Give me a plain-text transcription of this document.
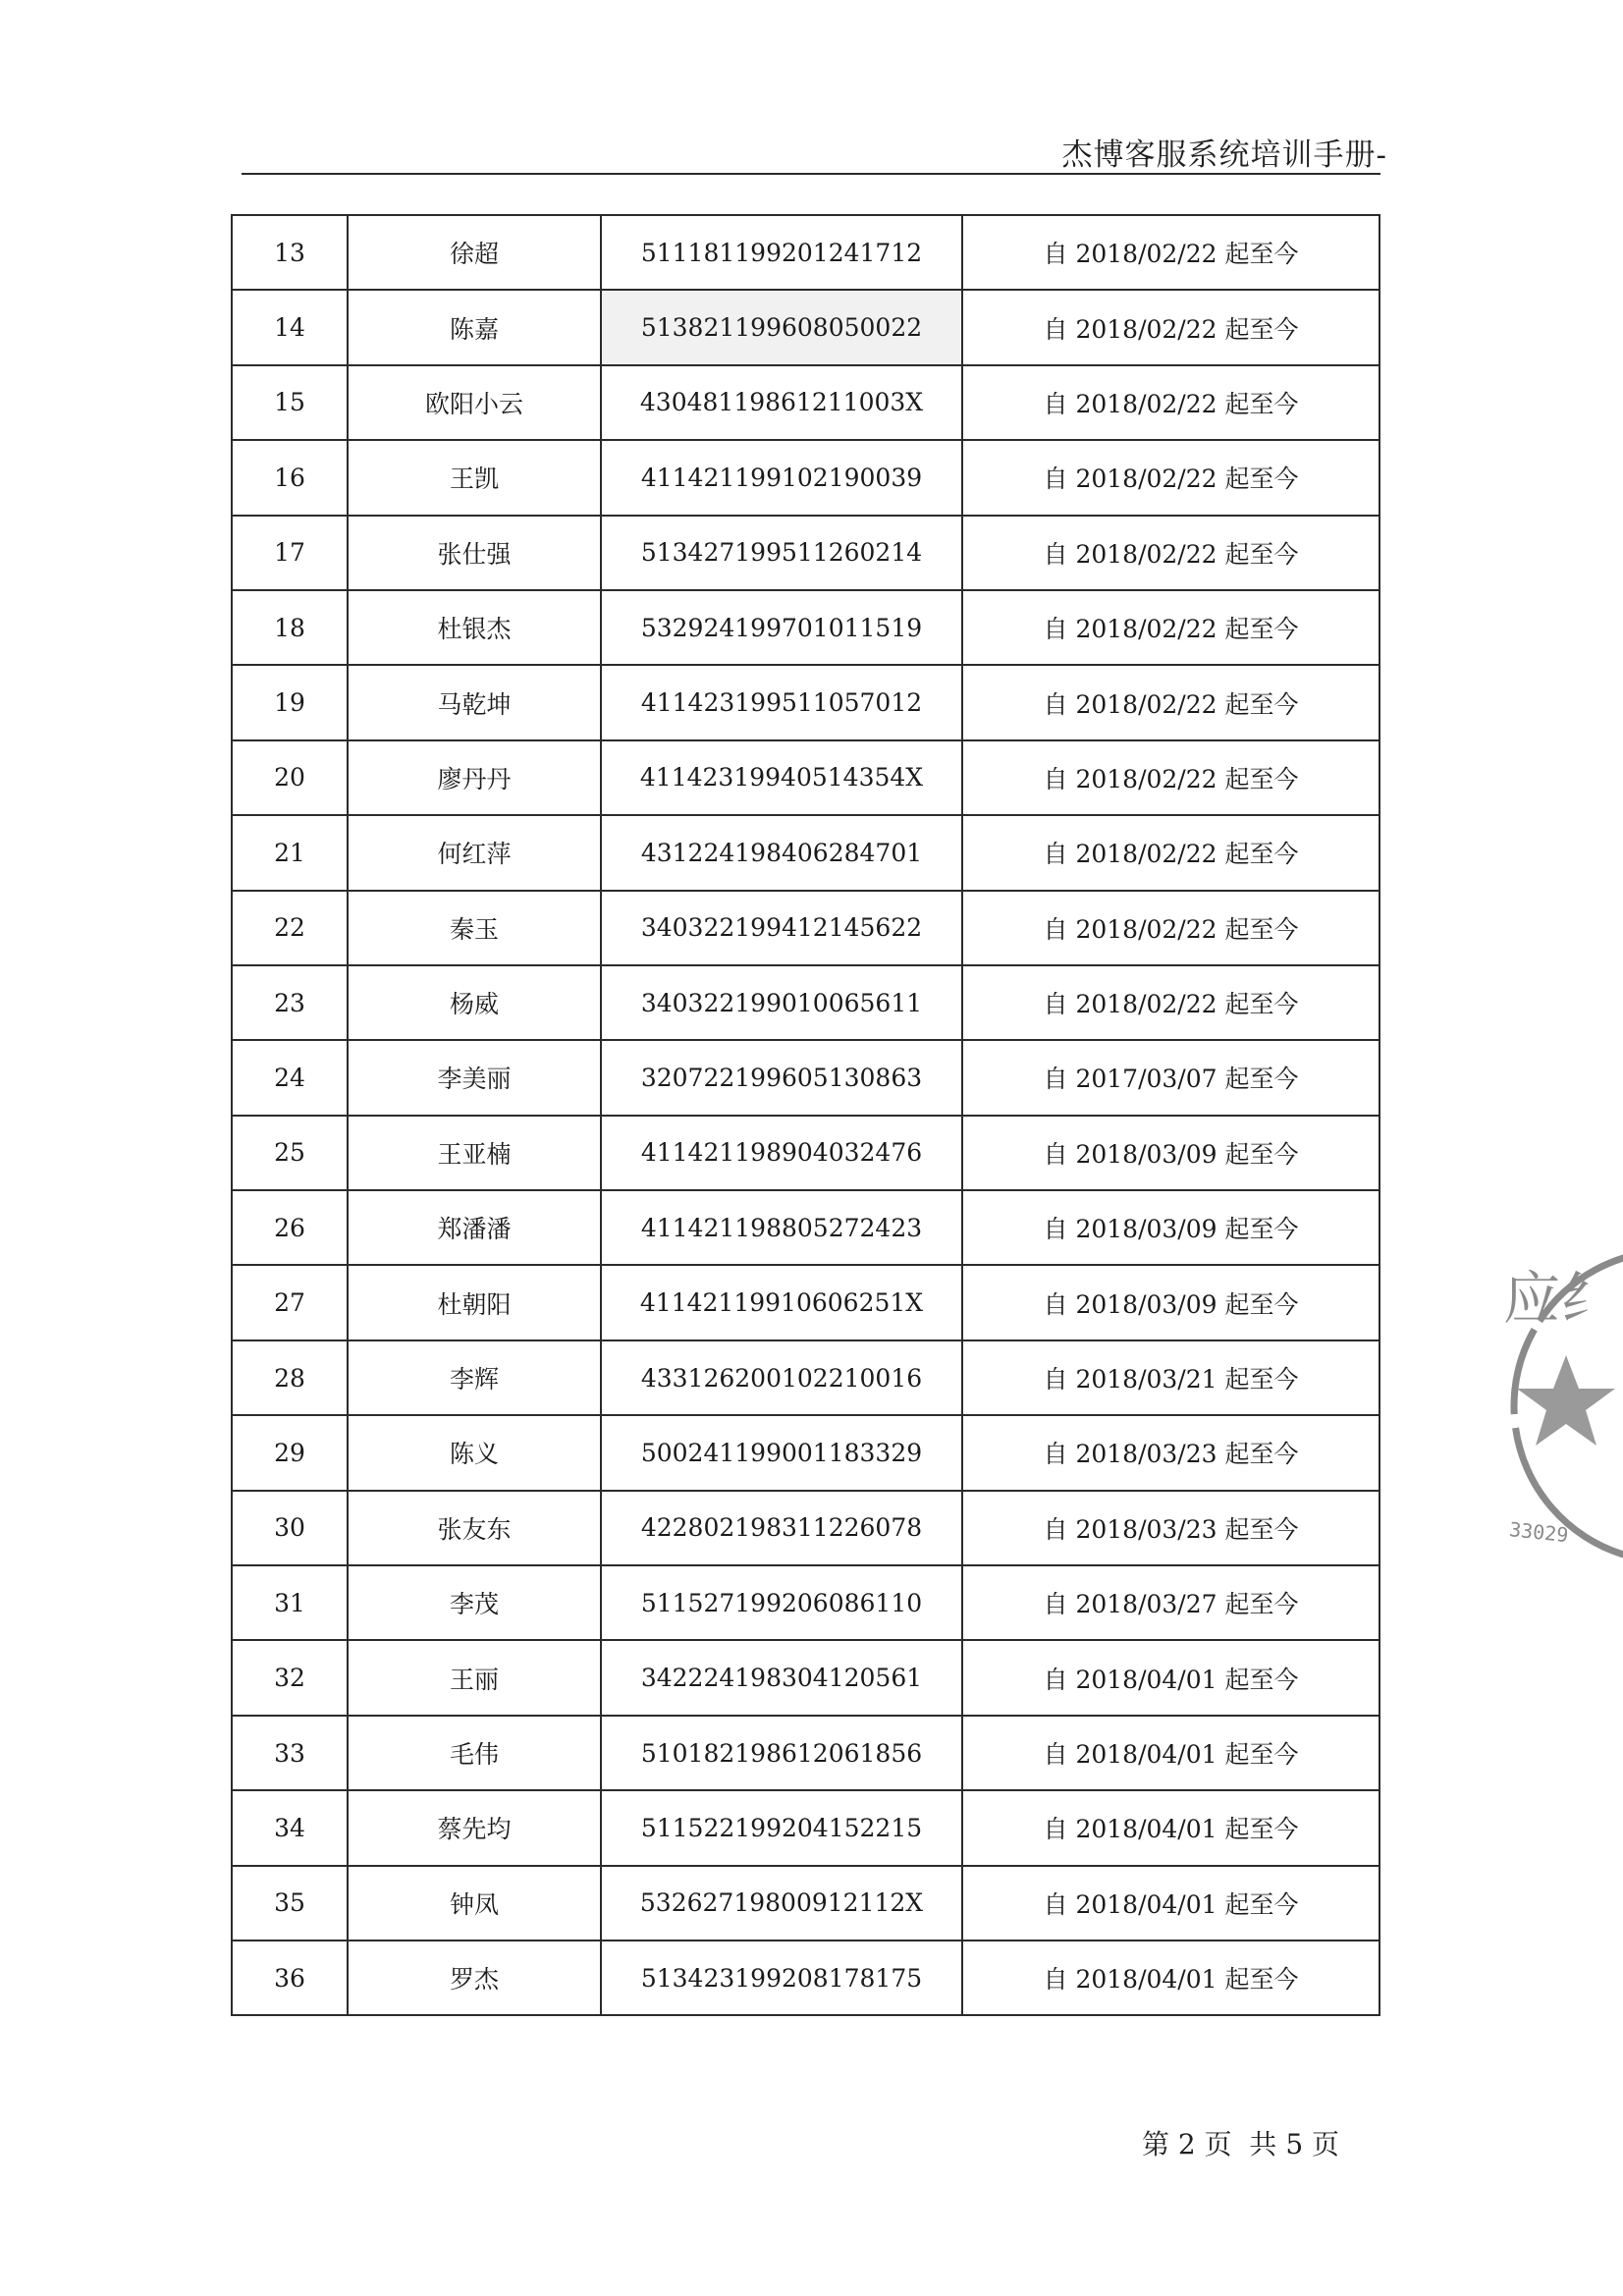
杰博客服系统培训手册-
13	徐超	511181199201241712	自 2018/02/22 起至今
14	陈嘉	513821199608050022	自 2018/02/22 起至今
15	欧阳小云	43048119861211003X	自 2018/02/22 起至今
16	王凯	411421199102190039	自 2018/02/22 起至今
17	张仕强	513427199511260214	自 2018/02/22 起至今
18	杜银杰	532924199701011519	自 2018/02/22 起至今
19	马乾坤	411423199511057012	自 2018/02/22 起至今
20	廖丹丹	41142319940514354X	自 2018/02/22 起至今
21	何红萍	431224198406284701	自 2018/02/22 起至今
22	秦玉	340322199412145622	自 2018/02/22 起至今
23	杨威	340322199010065611	自 2018/02/22 起至今
24	李美丽	320722199605130863	自 2017/03/07 起至今
25	王亚楠	411421198904032476	自 2018/03/09 起至今
26	郑潘潘	411421198805272423	自 2018/03/09 起至今
27	杜朝阳	41142119910606251X	自 2018/03/09 起至今
28	李辉	433126200102210016	自 2018/03/21 起至今
29	陈义	500241199001183329	自 2018/03/23 起至今
30	张友东	422802198311226078	自 2018/03/23 起至今
31	李茂	511527199206086110	自 2018/03/27 起至今
32	王丽	342224198304120561	自 2018/04/01 起至今
33	毛伟	510182198612061856	自 2018/04/01 起至今
34	蔡先均	511522199204152215	自 2018/04/01 起至今
35	钟凤	53262719800912112X	自 2018/04/01 起至今
36	罗杰	513423199208178175	自 2018/04/01 起至今
应纟
33029
第 2 页  共 5 页
